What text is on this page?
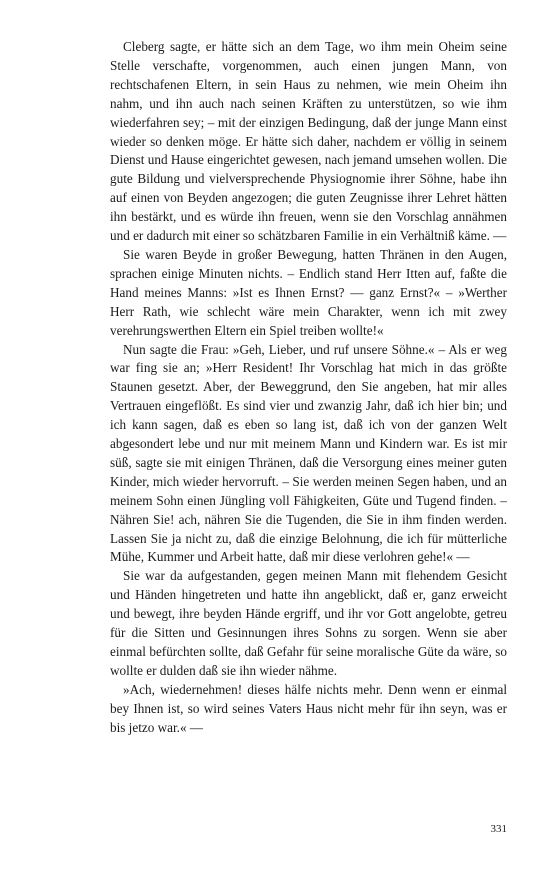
Cleberg sagte, er hätte sich an dem Tage, wo ihm mein Oheim seine Stelle verschafte, vorgenommen, auch einen jungen Mann, von rechtschafenen Eltern, in sein Haus zu nehmen, wie mein Oheim ihn nahm, und ihn auch nach seinen Kräften zu unterstützen, so wie ihm wiederfahren sey; – mit der einzigen Bedingung, daß der junge Mann einst wieder so denken möge. Er hätte sich daher, nachdem er völlig in seinem Dienst und Hause eingerichtet gewesen, nach jemand umsehen wollen. Die gute Bildung und vielversprechende Physiognomie ihrer Söhne, habe ihn auf einen von Beyden angezogen; die guten Zeugnisse ihrer Lehret hätten ihn bestärkt, und es würde ihn freuen, wenn sie den Vorschlag annähmen und er dadurch mit einer so schätzbaren Familie in ein Verhältniß käme. ––

Sie waren Beyde in großer Bewegung, hatten Thränen in den Augen, sprachen einige Minuten nichts. – Endlich stand Herr Itten auf, faßte die Hand meines Manns: »Ist es Ihnen Ernst? –– ganz Ernst?« – »Werther Herr Rath, wie schlecht wäre mein Charakter, wenn ich mit zwey verehrungswerthen Eltern ein Spiel treiben wollte!«

Nun sagte die Frau: »Geh, Lieber, und ruf unsere Söhne.« – Als er weg war fing sie an; »Herr Resident! Ihr Vorschlag hat mich in das größte Staunen gesetzt. Aber, der Beweggrund, den Sie angeben, hat mir alles Vertrauen eingeflößt. Es sind vier und zwanzig Jahr, daß ich hier bin; und ich kann sagen, daß es eben so lang ist, daß ich von der ganzen Welt abgesondert lebe und nur mit meinem Mann und Kindern war. Es ist mir süß, sagte sie mit einigen Thränen, daß die Versorgung eines meiner guten Kinder, mich wieder hervorruft. – Sie werden meinen Segen haben, und an meinem Sohn einen Jüngling voll Fähigkeiten, Güte und Tugend finden. – Nähren Sie! ach, nähren Sie die Tugenden, die Sie in ihm finden werden. Lassen Sie ja nicht zu, daß die einzige Belohnung, die ich für mütterliche Mühe, Kummer und Arbeit hatte, daß mir diese verlohren gehe!« ––

Sie war da aufgestanden, gegen meinen Mann mit flehendem Gesicht und Händen hingetreten und hatte ihn angeblickt, daß er, ganz erweicht und bewegt, ihre beyden Hände ergriff, und ihr vor Gott angelobte, getreu für die Sitten und Gesinnungen ihres Sohns zu sorgen. Wenn sie aber einmal befürchten sollte, daß Gefahr für seine moralische Güte da wäre, so wollte er dulden daß sie ihn wieder nähme.

»Ach, wiedernehmen! dieses hälfe nichts mehr. Denn wenn er einmal bey Ihnen ist, so wird seines Vaters Haus nicht mehr für ihn seyn, was er bis jetzo war.« ––

331
